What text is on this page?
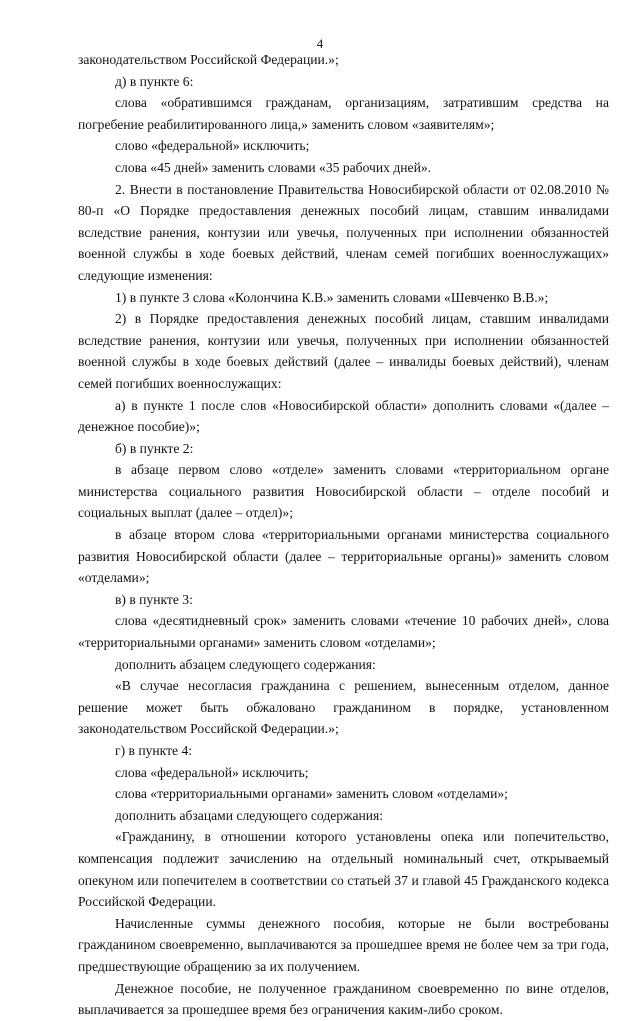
4

законодательством Российской Федерации.»;

д) в пункте 6:

слова «обратившимся гражданам, организациям, затратившим средства на погребение реабилитированного лица,» заменить словом «заявителям»;

слово «федеральной» исключить;

слова «45 дней» заменить словами «35 рабочих дней».

2. Внести в постановление Правительства Новосибирской области от 02.08.2010 № 80-п «О Порядке предоставления денежных пособий лицам, ставшим инвалидами вследствие ранения, контузии или увечья, полученных при исполнении обязанностей военной службы в ходе боевых действий, членам семей погибших военнослужащих» следующие изменения:

1) в пункте 3 слова «Колончина К.В.» заменить словами «Шевченко В.В.»;

2) в Порядке предоставления денежных пособий лицам, ставшим инвалидами вследствие ранения, контузии или увечья, полученных при исполнении обязанностей военной службы в ходе боевых действий (далее – инвалиды боевых действий), членам семей погибших военнослужащих:

а) в пункте 1 после слов «Новосибирской области» дополнить словами «(далее – денежное пособие)»;

б) в пункте 2:

в абзаце первом слово «отделе» заменить словами «территориальном органе министерства социального развития Новосибирской области – отделе пособий и социальных выплат (далее – отдел)»;

в абзаце втором слова «территориальными органами министерства социального развития Новосибирской области (далее – территориальные органы)» заменить словом «отделами»;

в) в пункте 3:

слова «десятидневный срок» заменить словами «течение 10 рабочих дней», слова «территориальными органами» заменить словом «отделами»;

дополнить абзацем следующего содержания:

«В случае несогласия гражданина с решением, вынесенным отделом, данное решение может быть обжаловано гражданином в порядке, установленном законодательством Российской Федерации.»;

г) в пункте 4:

слова «федеральной» исключить;

слова «территориальными органами» заменить словом «отделами»;

дополнить абзацами следующего содержания:

«Гражданину, в отношении которого установлены опека или попечительство, компенсация подлежит зачислению на отдельный номинальный счет, открываемый опекуном или попечителем в соответствии со статьей 37 и главой 45 Гражданского кодекса Российской Федерации.

Начисленные суммы денежного пособия, которые не были востребованы гражданином своевременно, выплачиваются за прошедшее время не более чем за три года, предшествующие обращению за их получением.

Денежное пособие, не полученное гражданином своевременно по вине отделов, выплачивается за прошедшее время без ограничения каким-либо сроком.
